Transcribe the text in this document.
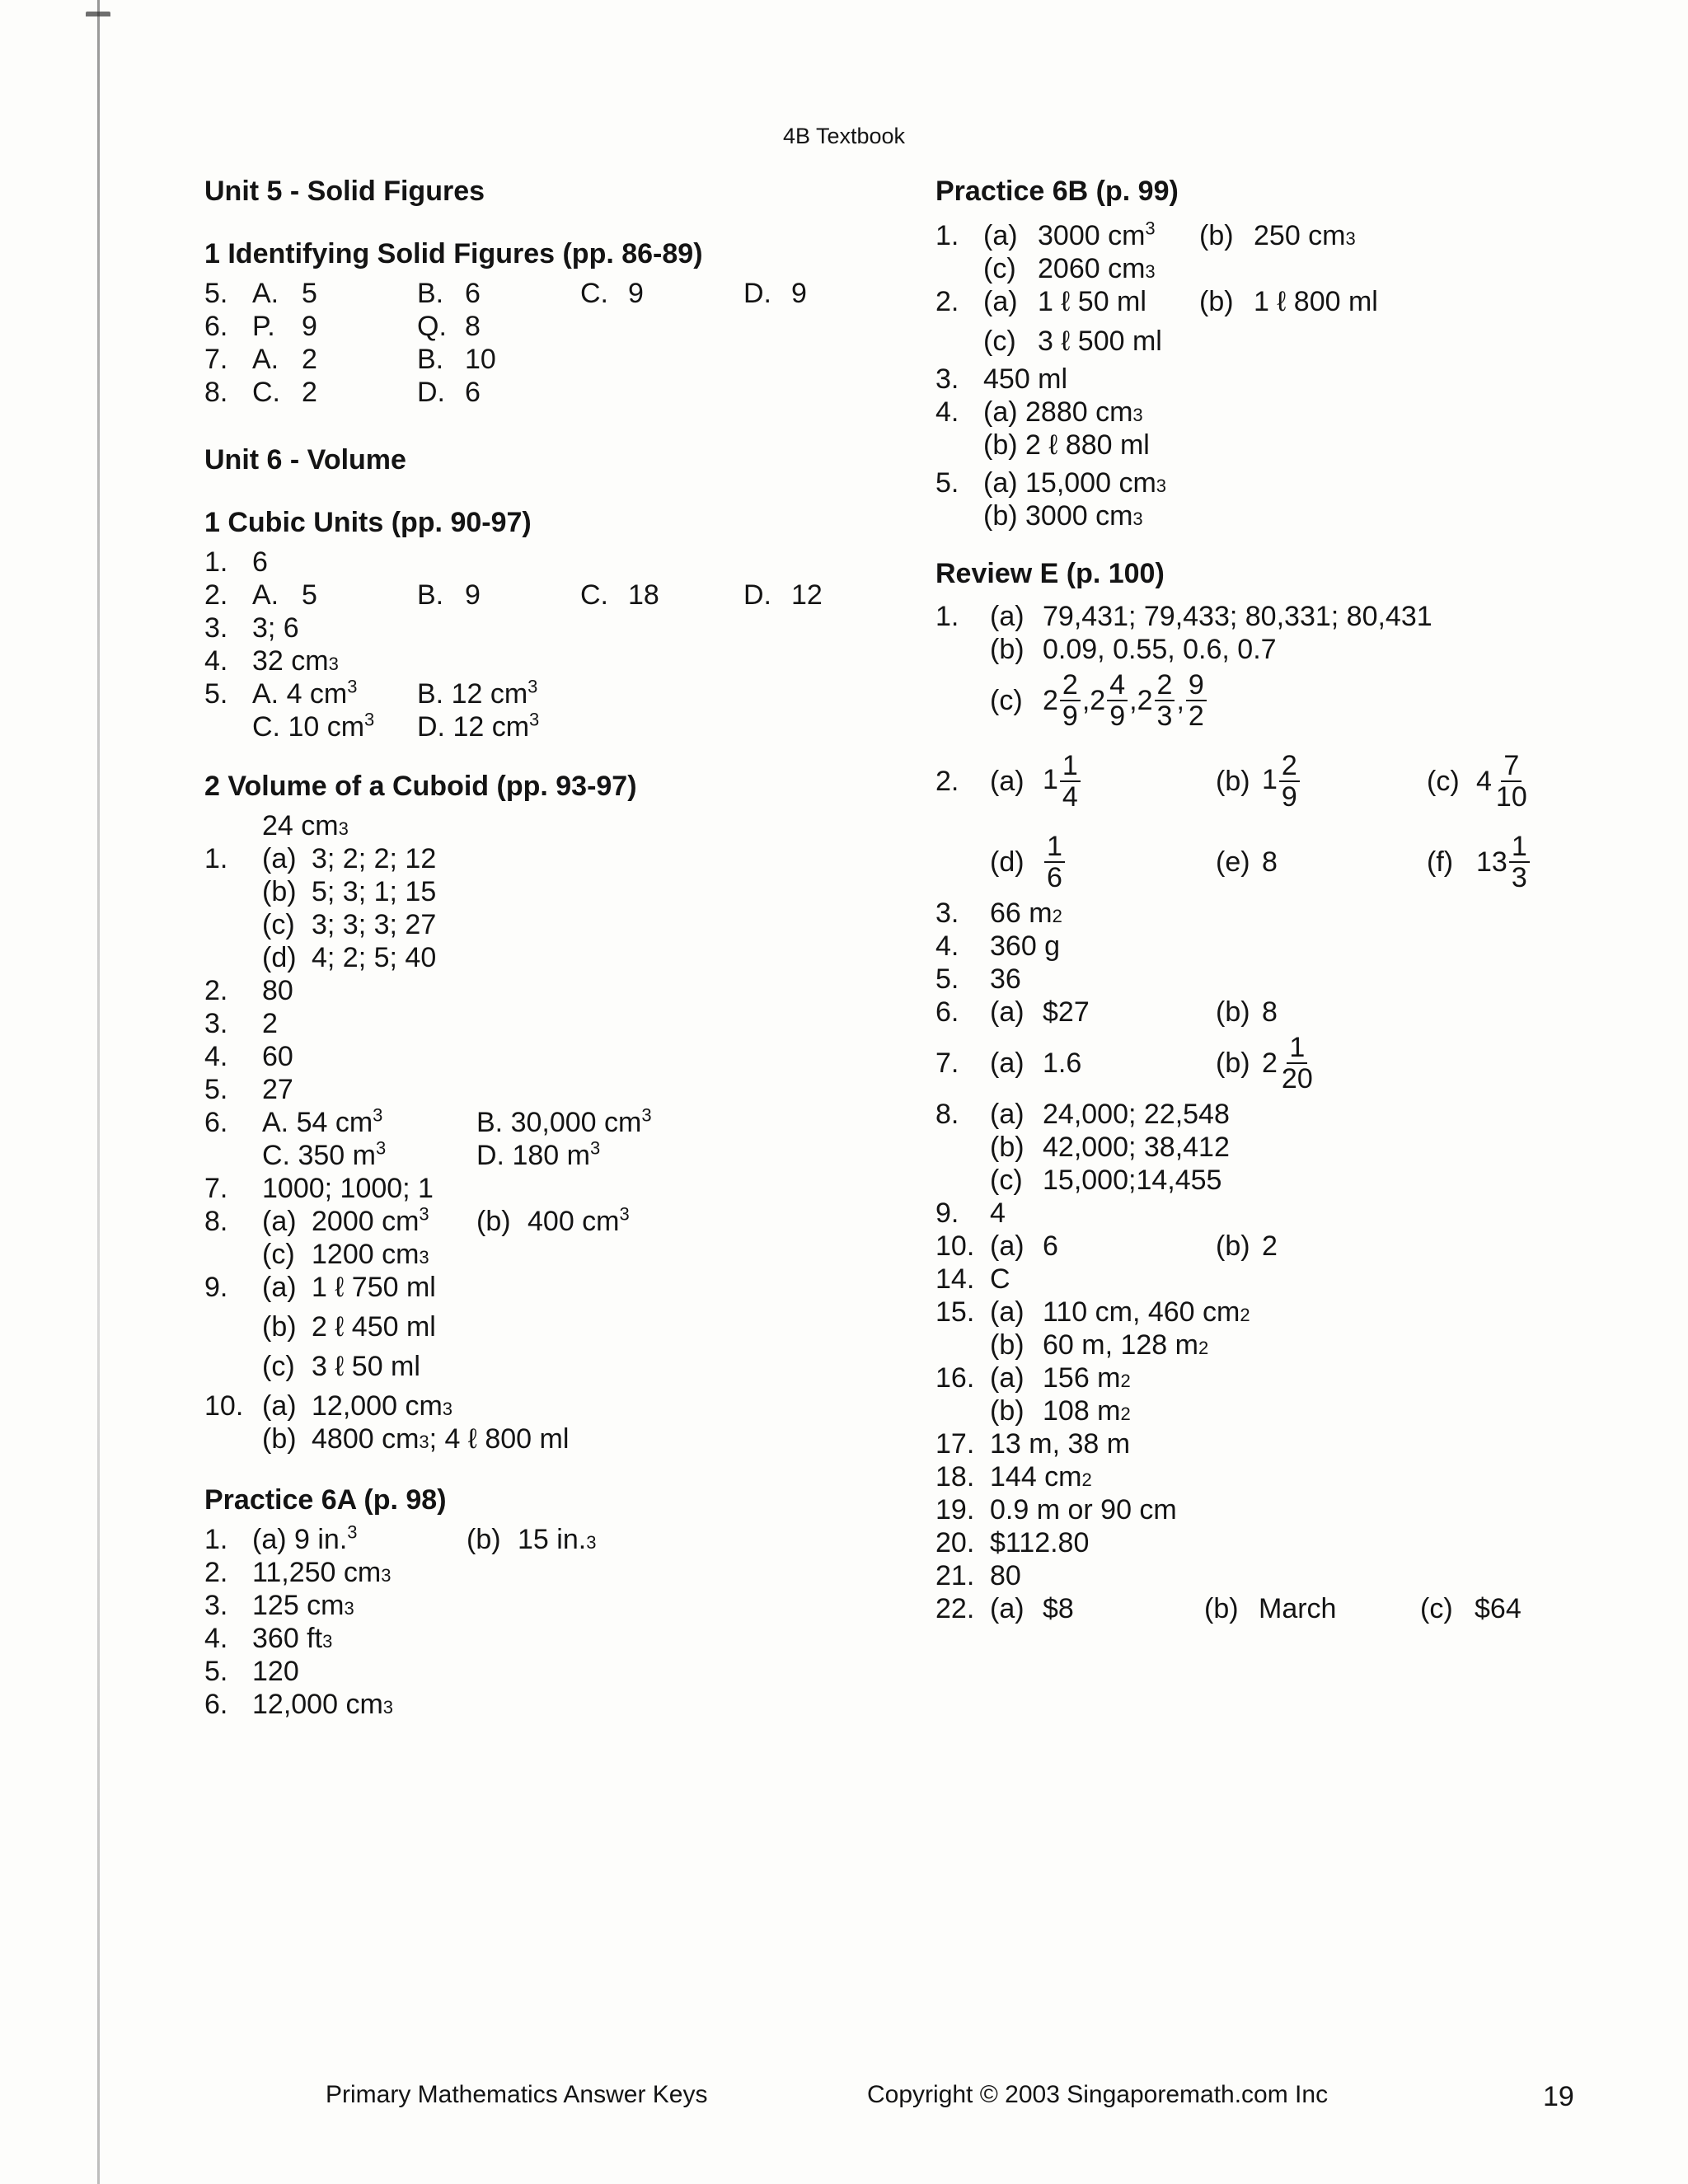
4B Textbook
Unit 5 - Solid Figures
1 Identifying Solid Figures (pp. 86-89)
5. A. 5	B. 6	C. 9	D. 9
6. P. 9	Q. 8
7. A. 2	B. 10
8. C. 2	D. 6
Unit 6 - Volume
1 Cubic Units (pp. 90-97)
1. 6
2. A. 5	B. 9	C. 18	D. 12
3. 3; 6
4. 32 cm 3
5. A. 4 $cm^3$	B. 12 $cm^3$
C. 10 $cm^3$	D. 12 $cm^3$
2 Volume of a Cuboid (pp. 93-97)
24 cm 3
1.	(a) 3; 2; 2; 12
(b) 5; 3; 1; 15
(c) 3; 3; 3; 27
(d) 4; 2; 5; 40
2.	80
3.	2
4.	60
5.	27
6.	A. 54 $cm^3$	B. 30,000 $cm^3$
C. 350 $m^3$	D. 180 $m^3$
7.	1000; 1000; 1
8.	(a) 2000 $cm^3$	(b) 400 $cm^3$
(c) 1200 cm 3
9.	(a) 1 ℓ 750 ml
(b) 2 ℓ 450 ml
(c) 3 ℓ 50 ml
10. (a) 12,000 cm 3
(b) 4800 cm 3 ; 4 ℓ 800 ml
Practice 6A (p. 98)
1. (a) 9 in.$^3$	(b) 15 in. 3
2. 11,250 cm 3
3. 125 cm 3
4. 360 ft 3
5. 120
6. 12,000 cm 3
Practice 6B (p. 99)
1. (a) 3000 $cm^3$	(b) 250 cm 3
(c) 2060 cm 3
2. (a) 1 ℓ 50 ml	(b) 1 ℓ 800 ml
(c) 3 ℓ 500 ml
3. 450 ml
4. (a) 2880 cm 3
(b) 2 ℓ 880 ml
5. (a) 15,000 cm 3
(b) 3000 cm 3
Review E (p. 100)
1.	(a) 79,431; 79,433; 80,331; 80,431
(b) 0.09, 0.55, 0.6, 0.7
(c) $2 \frac{2}{9}$ , $2 \frac{4}{9}$ , $2 \frac{2}{3}$ , $\frac{9}{2}$
2.	(a) $1 \frac{1}{4}$	(b) $1 \frac{2}{9}$	(c) $4 \frac{7}{10}$
$(d) \frac{1}{6}$	(e) 8	(f) $13 \frac{1}{3}$
3.	66 m 2
4.	360 g
5.	36
6.	(a) $27	(b) 8
7.	(a) 1.6	(b) $2 \frac{1}{20}$
8.	(a) 24,000; 22,548
(b) 42,000; 38,412
(c) 15,000;14,455
9.	4
10. (a) 6	(b) 2
14. C
15. (a) 110 cm, 460 cm 2
(b) 60 m, 128 m 2
16. (a) 156 m 2
(b) 108 m 2
17. 13 m, 38 m
18. 144 cm 2
19. 0.9 m or 90 cm
20. $112.80
21. 80
22. (a) $8	(b) March	(c) $64
Primary Mathematics Answer Keys	Copyright © 2003 Singaporemath.com Inc	19
